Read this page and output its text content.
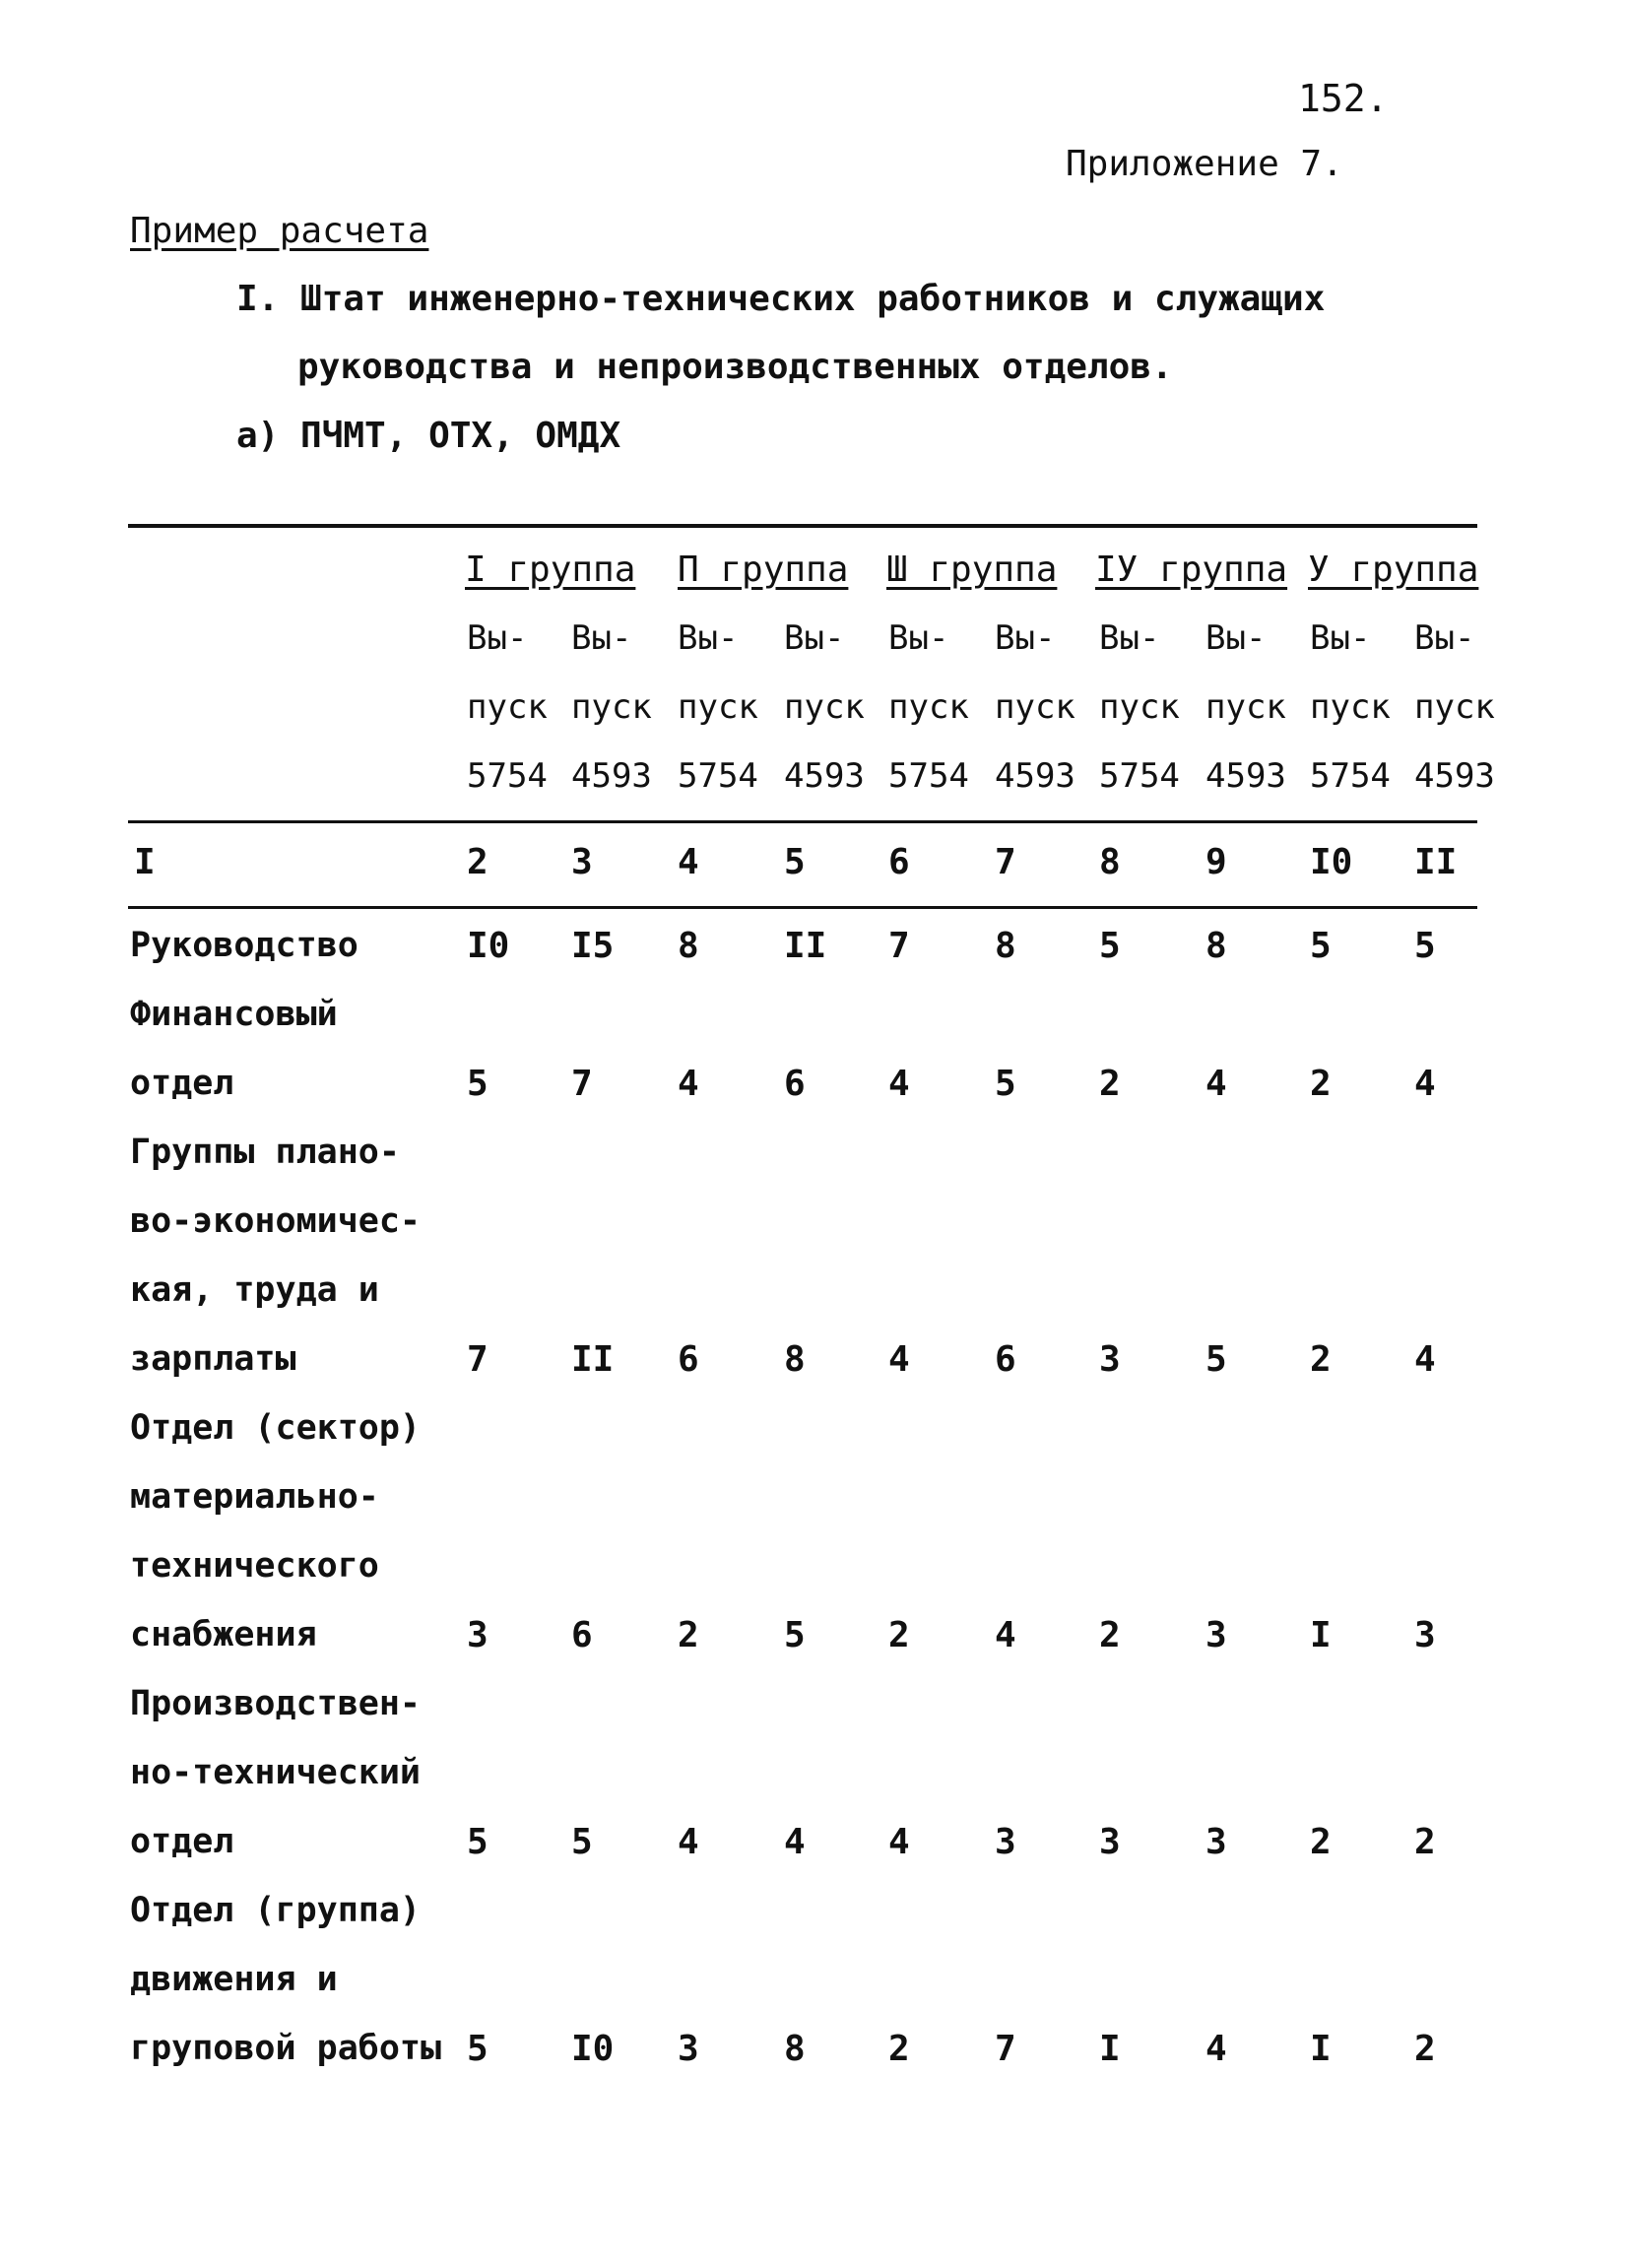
152.
Приложение 7.
Пример расчета
I. Штат инженерно-технических работников и служащих
руководства и непроизводственных отделов.
а) ПЧМТ, ОТХ, ОМДХ
I группа П группа Ш группа IУ группа У группа
Вы-	Вы-	Вы-	Вы-	Вы-	Вы-	Вы-	Вы-	Вы-	Вы-
пуск пуск пуск пуск пуск пуск пуск пуск пуск пуск
5754 4593 5754 4593 5754 4593 5754 4593 5754 4593
I	2	3	4	5	6	7	8	9	I0	II
Руководство	I0	I5	8	II	7	8	5	8	5	5
Финансовый
отдел	5	7	4	6	4	5	2	4	2	4
Группы плано-
во-экономичес-
кая, труда и
зарплаты	7	II	6	8	4	6	3	5	2	4
Отдел (сектор)
материально-
технического
снабжения	3	6	2	5	2	4	2	3	I	3
Производствен-
но-технический
отдел	5	5	4	4	4	3	3	3	2	2
Отдел (группа)
движения и
груповой работы 5	I0	3	8	2	7	I	4	I	2
